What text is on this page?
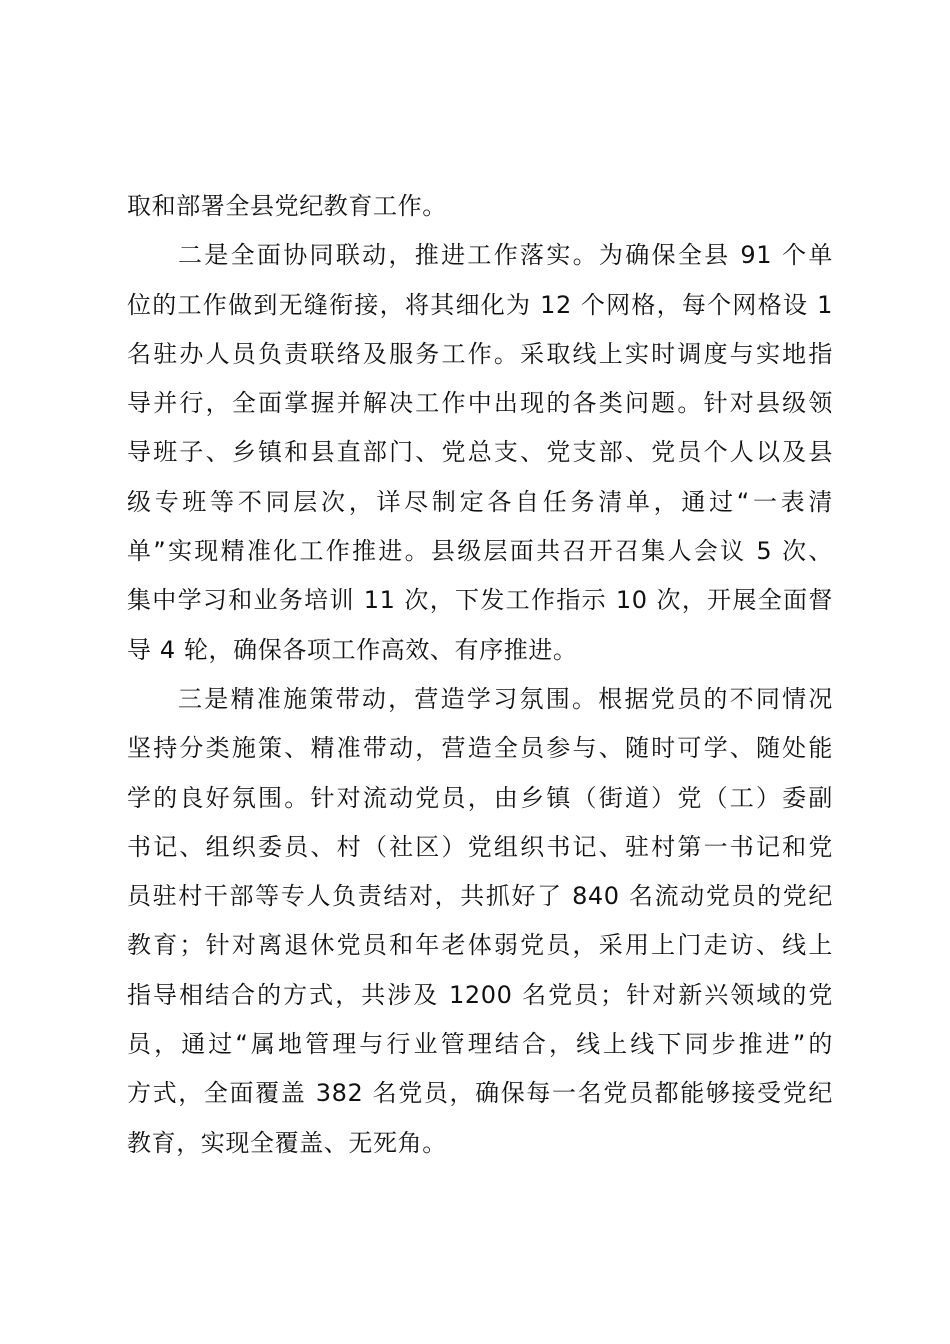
取和部署全县党纪教育工作。
二是全面协同联动，推进工作落实。为确保全县 91 个单
位的工作做到无缝衔接，将其细化为 12 个网格，每个网格设 1
名驻办人员负责联络及服务工作。采取线上实时调度与实地指
导并行，全面掌握并解决工作中出现的各类问题。针对县级领
导班子、乡镇和县直部门、党总支、党支部、党员个人以及县
级专班等不同层次，详尽制定各自任务清单，通过“一表清
单”实现精准化工作推进。县级层面共召开召集人会议 5 次、
集中学习和业务培训 11 次，下发工作指示 10 次，开展全面督
导 4 轮，确保各项工作高效、有序推进。
三是精准施策带动，营造学习氛围。根据党员的不同情况
坚持分类施策、精准带动，营造全员参与、随时可学、随处能
学的良好氛围。针对流动党员，由乡镇（街道）党（工）委副
书记、组织委员、村（社区）党组织书记、驻村第一书记和党
员驻村干部等专人负责结对，共抓好了 840 名流动党员的党纪
教育；针对离退休党员和年老体弱党员，采用上门走访、线上
指导相结合的方式，共涉及 1200 名党员；针对新兴领域的党
员，通过“属地管理与行业管理结合，线上线下同步推进”的
方式，全面覆盖 382 名党员，确保每一名党员都能够接受党纪
教育，实现全覆盖、无死角。
